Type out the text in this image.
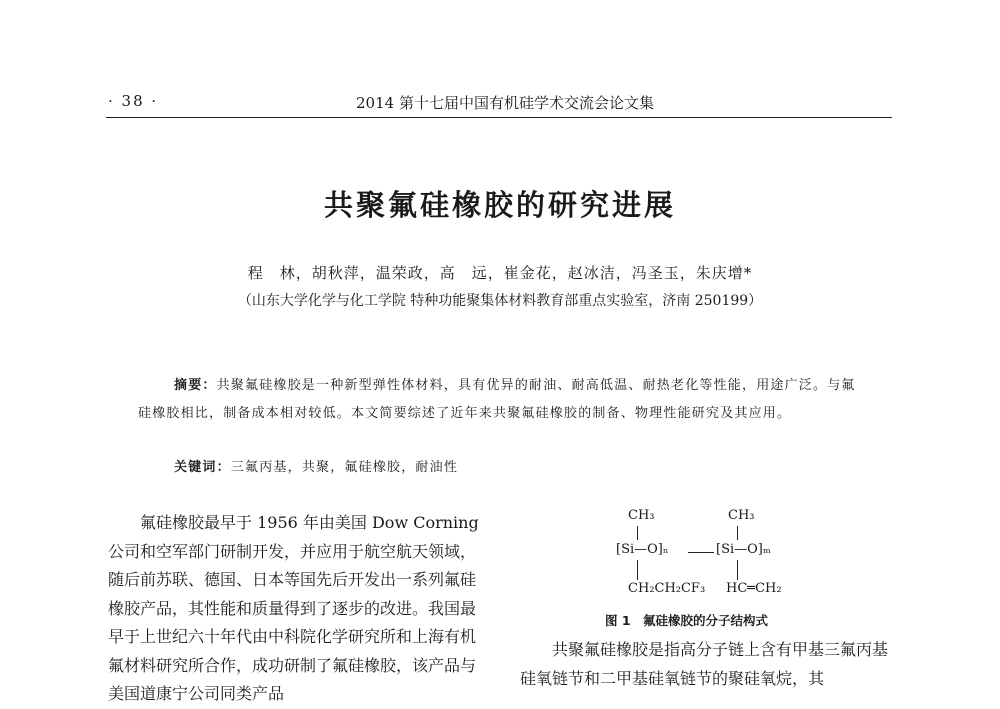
· 38 ·	2014 第十七届中国有机硅学术交流会论文集
共聚氟硅橡胶的研究进展
程　林，胡秋萍，温荣政，高　远，崔金花，赵冰洁，冯圣玉，朱庆增*
（山东大学化学与化工学院 特种功能聚集体材料教育部重点实验室，济南 250199）
摘要：共聚氟硅橡胶是一种新型弹性体材料，具有优异的耐油、耐高低温、耐热老化等性能，用途广泛。与氟硅橡胶相比，制备成本相对较低。本文简要综述了近年来共聚氟硅橡胶的制备、物理性能研究及其应用。
关键词：三氟丙基，共聚，氟硅橡胶，耐油性

氟硅橡胶最早于 1956 年由美国 Dow Corning 公司和空军部门研制开发，并应用于航空航天领域，随后前苏联、德国、日本等国先后开发出一系列氟硅橡胶产品，其性能和质量得到了逐步的改进。我国最早于上世纪六十年代由中科院化学研究所和上海有机氟材料研究所合作，成功研制了氟硅橡胶，该产品与美国道康宁公司同类产品

CH₃	CH₃
[Si—O]ₙ	[Si—O]ₘ
CH₂CH₂CF₃ HC═CH₂
图 1　氟硅橡胶的分子结构式

共聚氟硅橡胶是指高分子链上含有甲基三氟丙基硅氧链节和二甲基硅氧链节的聚硅氧烷，其
